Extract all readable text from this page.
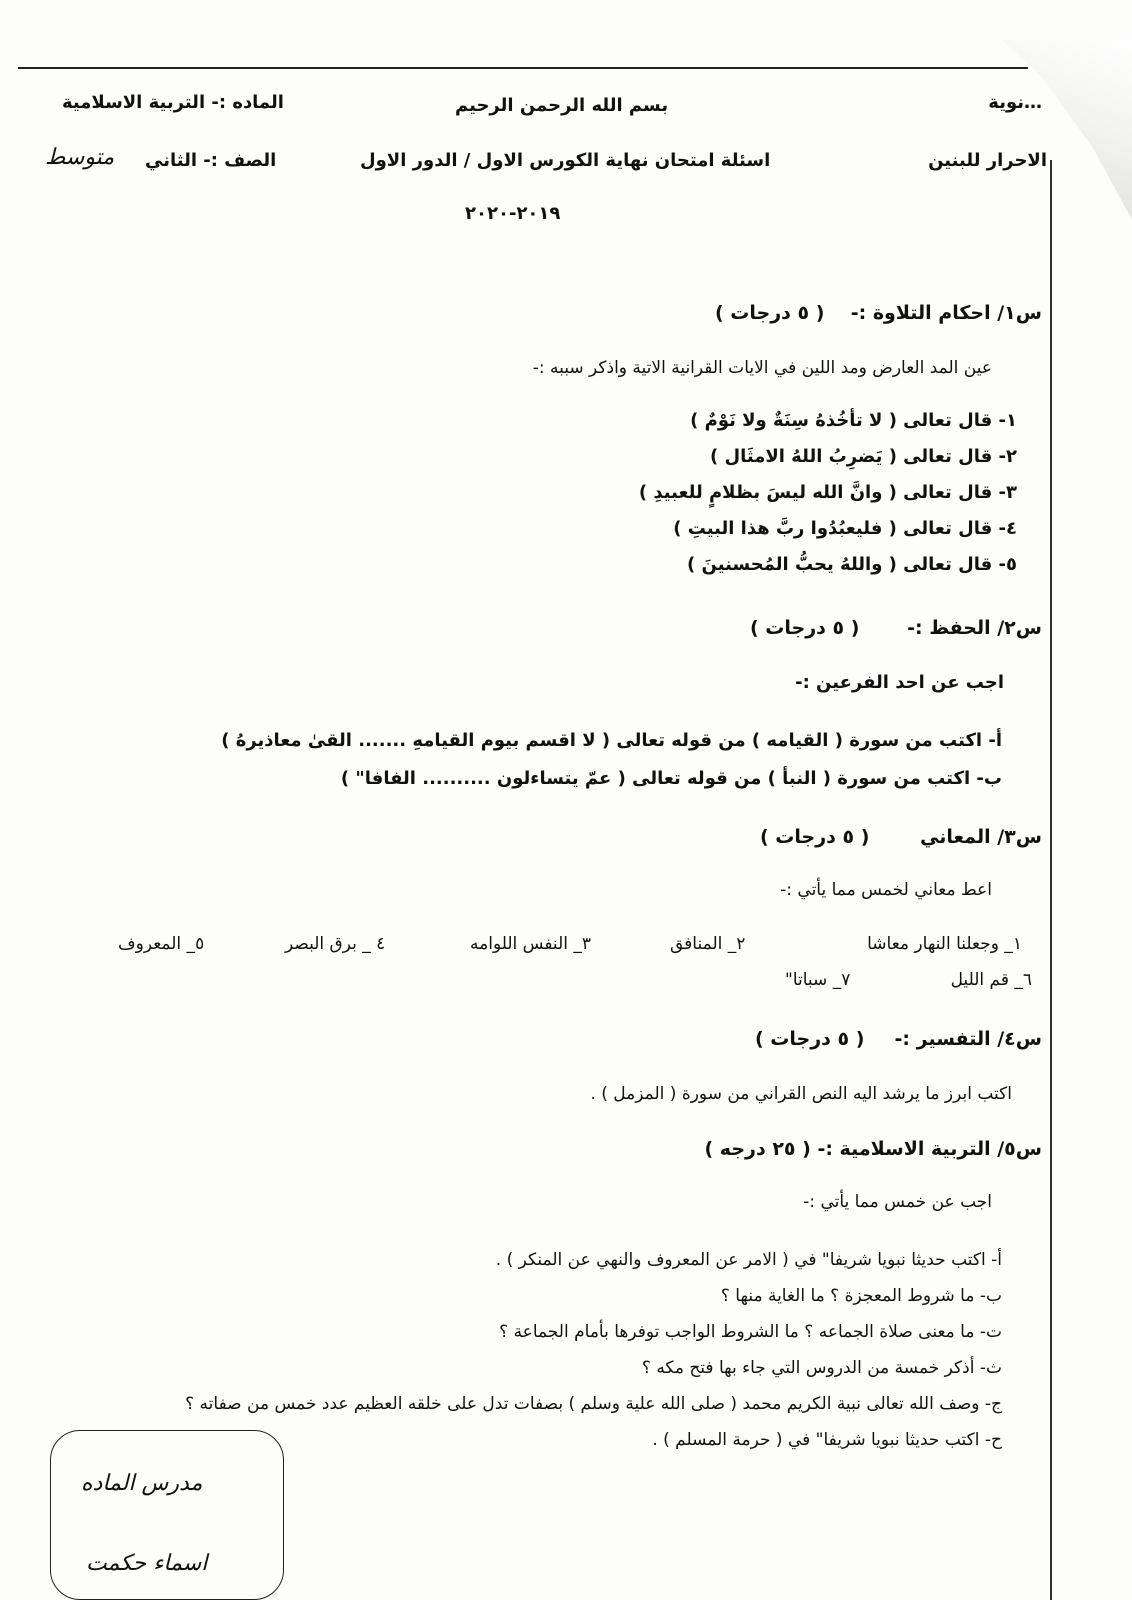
…نوية
الاحرار للبنين
بسم الله الرحمن الرحيم
اسئلة امتحان نهاية الكورس الاول / الدور الاول
٢٠١٩-٢٠٢٠
الماده :- التربية الاسلامية
الصف :- الثاني
متوسط
س١/ احكام التلاوة :-
( ٥ درجات )
عين المد العارض ومد اللين في الايات القرانية الاتية واذكر سببه :-
١- قال تعالى ( لا تأخُذهُ سِنَةٌ ولا نَوْمٌ )
٢- قال تعالى ( يَضرِبُ اللهُ الامثَال )
٣- قال تعالى ( وانَّ الله ليسَ بظلامٍ للعبيدِ )
٤- قال تعالى ( فليعبُدُوا ربَّ هذا البيتِ )
٥- قال تعالى ( واللهُ يحبُّ المُحسنينَ )
س٢/ الحفظ :-
( ٥ درجات )
اجب عن احد الفرعين :-
أ- اكتب من سورة ( القيامه ) من قوله تعالى ( لا اقسم بيوم القيامهِ ....... القىٰ معاذيرهُ )
ب- اكتب من سورة ( النبأ ) من قوله تعالى ( عمّ يتساءلون .......... الفافا" )
س٣/ المعاني
( ٥ درجات )
اعط معاني لخمس مما يأتي :-
١_ وجعلنا النهار معاشا
٢_ المنافق
٣_ النفس اللوامه
٤ _ برق البصر
٥_ المعروف
٦_ قم الليل
٧_ سباتا"
س٤/ التفسير :-
( ٥ درجات )
اكتب ابرز ما يرشد اليه النص القراني من سورة ( المزمل ) .
س٥/ التربية الاسلامية :- ( ٢٥ درجه )
اجب عن خمس مما يأتي :-
أ- اكتب حديثا نبويا شريفا" في ( الامر عن المعروف والنهي عن المنكر ) .
ب- ما شروط المعجزة ؟ ما الغاية منها ؟
ت- ما معنى صلاة الجماعه ؟ ما الشروط الواجب توفرها بأمام الجماعة ؟
ث- أذكر خمسة من الدروس التي جاء بها فتح مكه ؟
ج- وصف الله تعالى نبية الكريم محمد ( صلى الله علية وسلم ) بصفات تدل على خلقه العظيم عدد خمس من صفاته ؟
ح- اكتب حديثا نبويا شريفا" في ( حرمة المسلم ) .
مدرس الماده
اسماء حكمت
